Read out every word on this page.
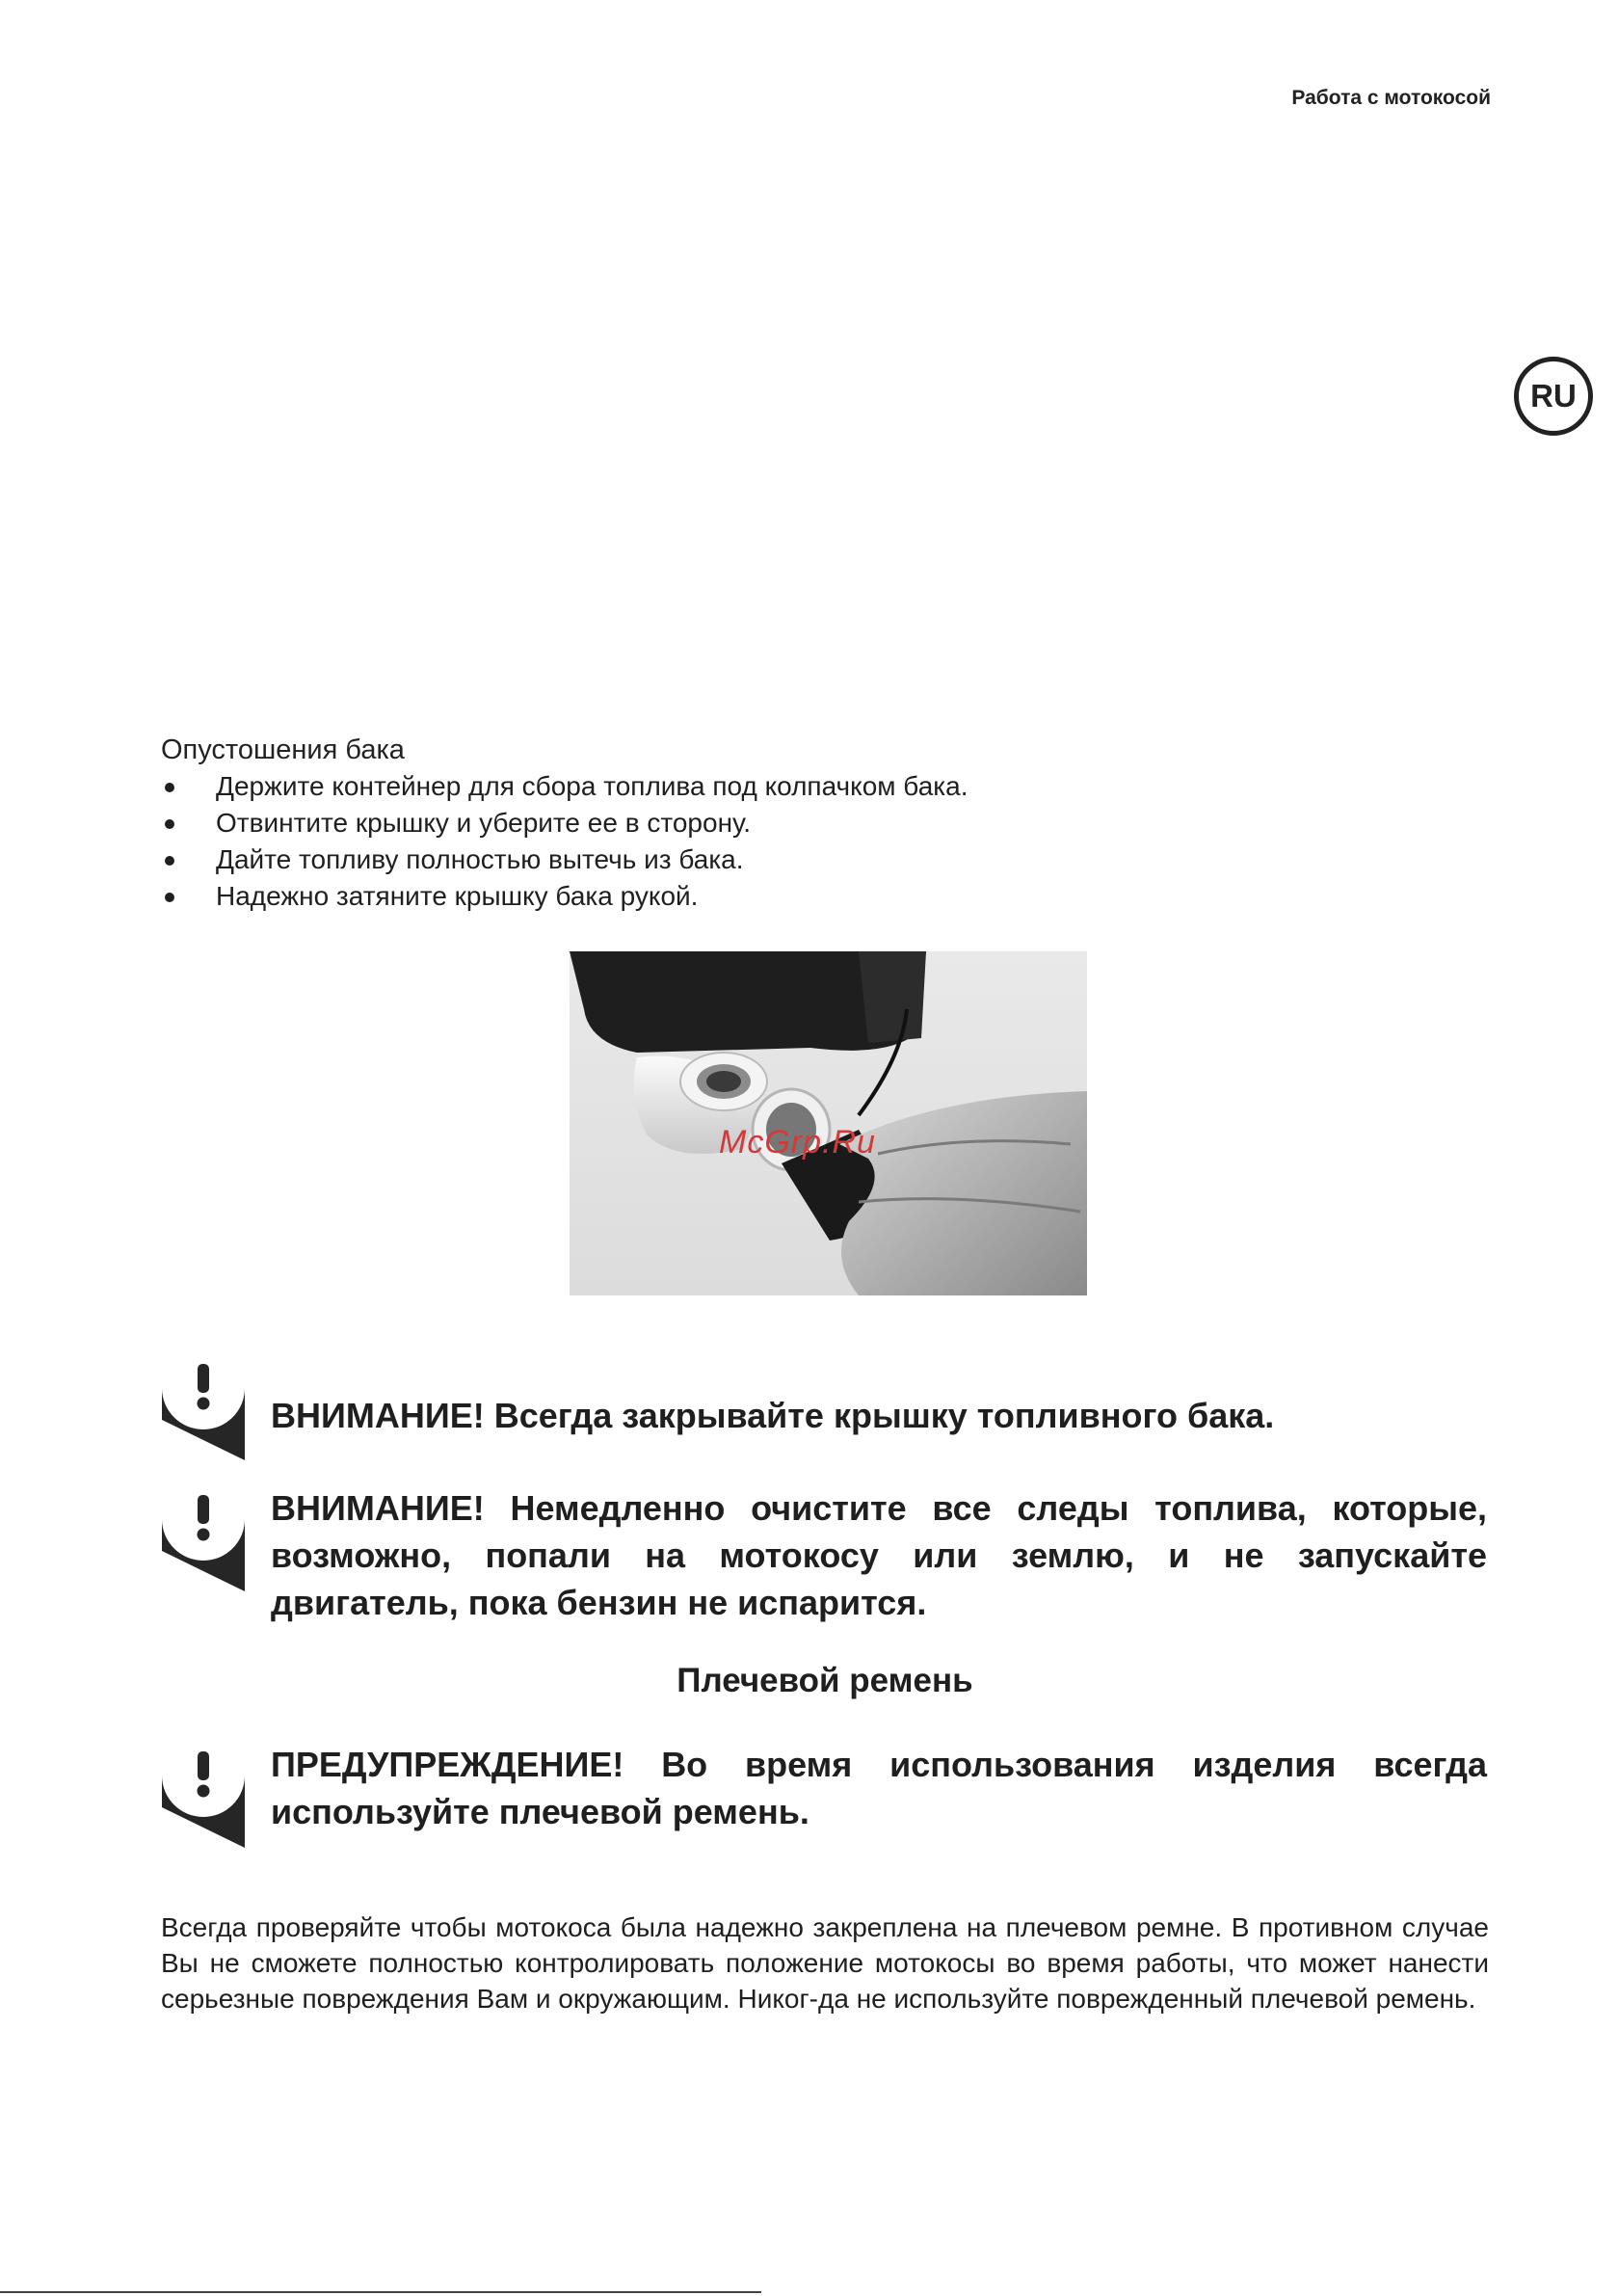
Работа с мотокосой
RU
Опустошения бака
Держите контейнер для сбора топлива под колпачком бака.
Отвинтите крышку и уберите ее в сторону.
Дайте топливу полностью вытечь из бака.
Надежно затяните крышку бака рукой.
McGrp.Ru
ВНИМАНИЕ! Всегда закрывайте крышку топливного бака.
ВНИМАНИЕ! Немедленно очистите все следы топлива, которые, возможно, попали на мотокосу или землю, и не запускайте двигатель, пока бензин не испарится.
Плечевой ремень
ПРЕДУПРЕЖДЕНИЕ! Во время использования изделия всегда используйте плечевой ремень.

Всегда проверяйте чтобы мотокоса была надежно закреплена на плечевом ремне. В противном случае Вы не сможете полностью контролировать положение мотокосы во время работы, что может нанести серьезные повреждения Вам и окружающим. Никог-да не используйте поврежденный плечевой ремень.
